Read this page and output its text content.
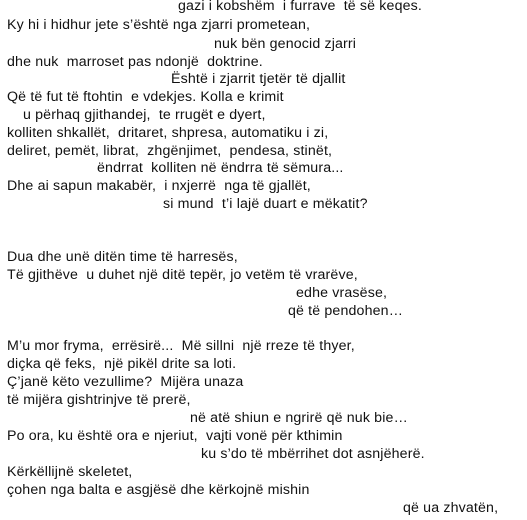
gazi i kobshëm  i furrave  të së keqes.
Ky hi i hidhur jete s’është nga zjarri prometean,
nuk bën genocid zjarri
dhe nuk  marroset pas ndonjë  doktrine.
Është i zjarrit tjetër të djallit
Që të fut të ftohtin  e vdekjes. Kolla e krimit
u përhaq gjithandej,  te rrugët e dyert,
kolliten shkallët,  dritaret, shpresa, automatiku i zi,
deliret, pemët, librat,  zhgënjimet,  pendesa, stinët,
ëndrrat  kolliten në ëndrra të sëmura...
Dhe ai sapun makabër,  i nxjerrë  nga të gjallët,
si mund  t’i lajë duart e mëkatit?
Dua dhe unë ditën time të harresës,
Të gjithëve  u duhet një ditë tepër, jo vetëm të vrarëve,
edhe vrasëse,
që të pendohen…
M’u mor fryma,  errësirë...  Më sillni  një rreze të thyer,
diçka që feks,  një pikël drite sa loti.
Ç’janë këto vezullime?  Mijëra unaza
të mijëra gishtrinjve të prerë,
në atë shiun e ngrirë që nuk bie…
Po ora, ku është ora e njeriut,  vajti vonë për kthimin
ku s’do të mbërrihet dot asnjëherë.
Kërkëllijnë skeletet,
çohen nga balta e asgjësë dhe kërkojnë mishin
që ua zhvatën,
